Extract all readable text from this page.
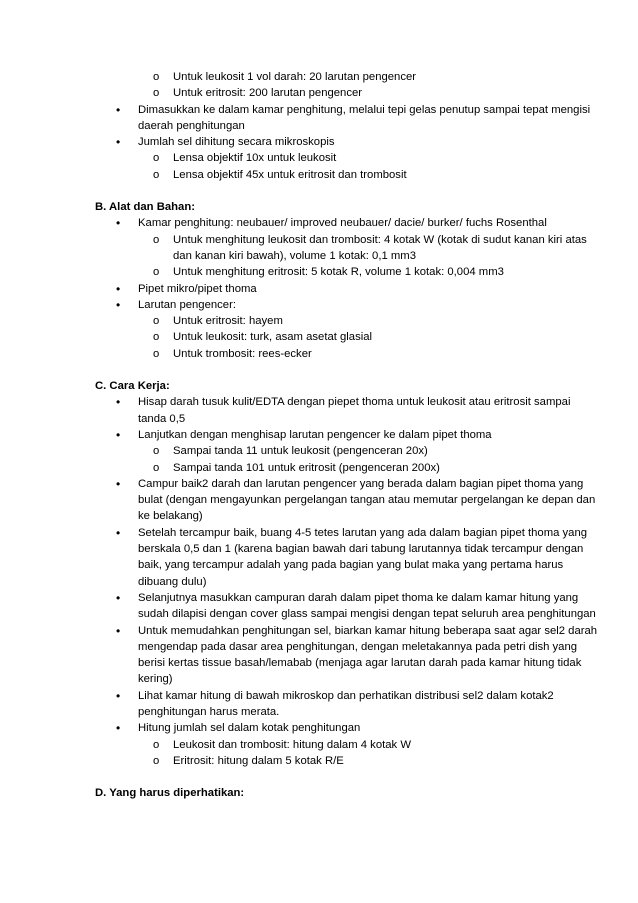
o Untuk leukosit 1 vol darah: 20 larutan pengencer
o Untuk eritrosit: 200 larutan pengencer
• Dimasukkan ke dalam kamar penghitung, melalui tepi gelas penutup sampai tepat mengisi daerah penghitungan
• Jumlah sel dihitung secara mikroskopis
o Lensa objektif 10x untuk leukosit
o Lensa objektif 45x untuk eritrosit dan trombosit
B. Alat dan Bahan:
• Kamar penghitung: neubauer/ improved neubauer/ dacie/ burker/ fuchs Rosenthal
o Untuk menghitung leukosit dan trombosit: 4 kotak W (kotak di sudut kanan kiri atas dan kanan kiri bawah), volume 1 kotak: 0,1 mm3
o Untuk menghitung eritrosit: 5 kotak R, volume 1 kotak: 0,004 mm3
• Pipet mikro/pipet thoma
• Larutan pengencer:
o Untuk eritrosit: hayem
o Untuk leukosit: turk, asam asetat glasial
o Untuk trombosit: rees-ecker
C. Cara Kerja:
• Hisap darah tusuk kulit/EDTA dengan piepet thoma untuk leukosit atau eritrosit sampai tanda 0,5
• Lanjutkan dengan menghisap larutan pengencer ke dalam pipet thoma
o Sampai tanda 11 untuk leukosit (pengenceran 20x)
o Sampai tanda 101 untuk eritrosit (pengenceran 200x)
• Campur baik2 darah dan larutan pengencer yang berada dalam bagian pipet thoma yang bulat (dengan mengayunkan pergelangan tangan atau memutar pergelangan ke depan dan ke belakang)
• Setelah tercampur baik, buang 4-5 tetes larutan yang ada dalam bagian pipet thoma yang berskala 0,5 dan 1 (karena bagian bawah dari tabung larutannya tidak tercampur dengan baik, yang tercampur adalah yang pada bagian yang bulat maka yang pertama harus dibuang dulu)
• Selanjutnya masukkan campuran darah dalam pipet thoma ke dalam kamar hitung yang sudah dilapisi dengan cover glass sampai mengisi dengan tepat seluruh area penghitungan
• Untuk memudahkan penghitungan sel, biarkan kamar hitung beberapa saat agar sel2 darah mengendap pada dasar area penghitungan, dengan meletakannya pada petri dish yang berisi kertas tissue basah/lemabab (menjaga agar larutan darah pada kamar hitung tidak kering)
• Lihat kamar hitung di bawah mikroskop dan perhatikan distribusi sel2 dalam kotak2 penghitungan harus merata.
• Hitung jumlah sel dalam kotak penghitungan
o Leukosit dan trombosit: hitung dalam 4 kotak W
o Eritrosit: hitung dalam 5 kotak R/E
D. Yang harus diperhatikan:
